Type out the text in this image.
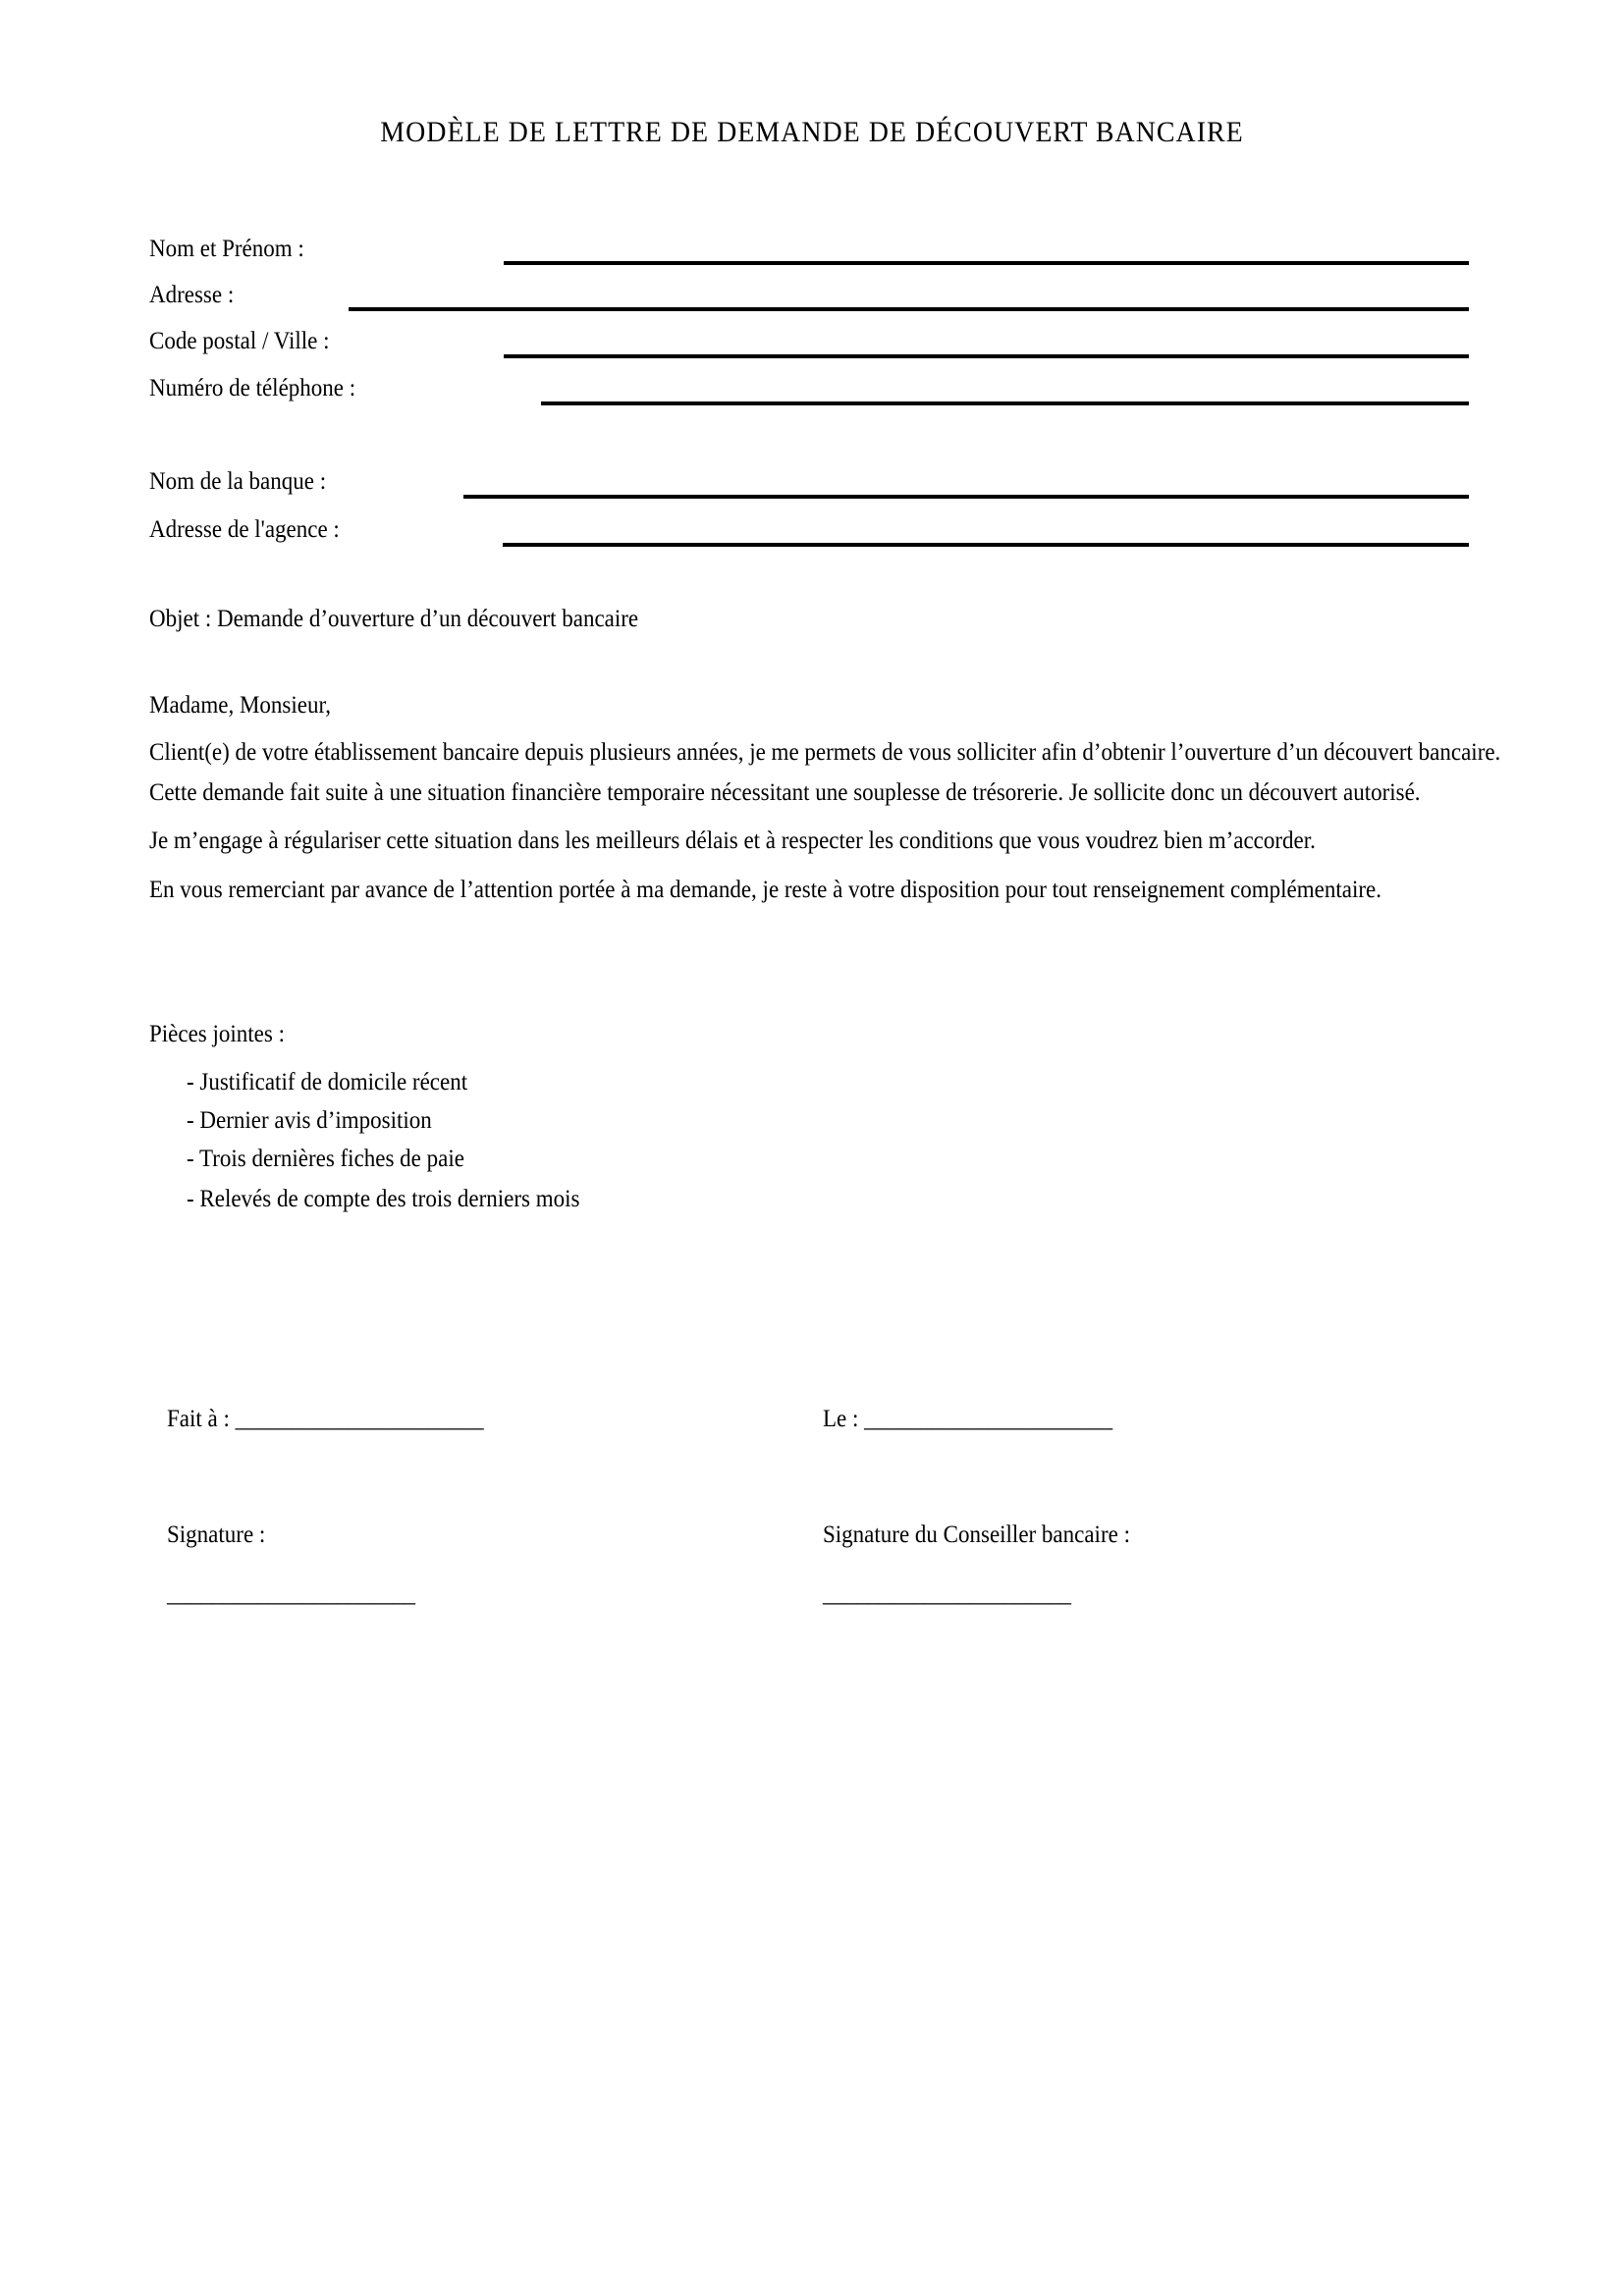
MODÈLE DE LETTRE DE DEMANDE DE DÉCOUVERT BANCAIRE
Nom et Prénom :
Adresse :
Code postal / Ville :
Numéro de téléphone :
Nom de la banque :
Adresse de l'agence :
Objet : Demande d’ouverture d’un découvert bancaire
Madame, Monsieur,
Client(e) de votre établissement bancaire depuis plusieurs années, je me permets de vous solliciter afin d’obtenir l’ouverture d’un découvert bancaire.
Cette demande fait suite à une situation financière temporaire nécessitant une souplesse de trésorerie. Je sollicite donc un découvert autorisé.
Je m’engage à régulariser cette situation dans les meilleurs délais et à respecter les conditions que vous voudrez bien m’accorder.
En vous remerciant par avance de l’attention portée à ma demande, je reste à votre disposition pour tout renseignement complémentaire.
Pièces jointes :
- Justificatif de domicile récent
- Dernier avis d’imposition
- Trois dernières fiches de paie
- Relevés de compte des trois derniers mois
Fait à : ______________________	Le : ______________________
Signature :	Signature du Conseiller bancaire :
______________________	______________________
